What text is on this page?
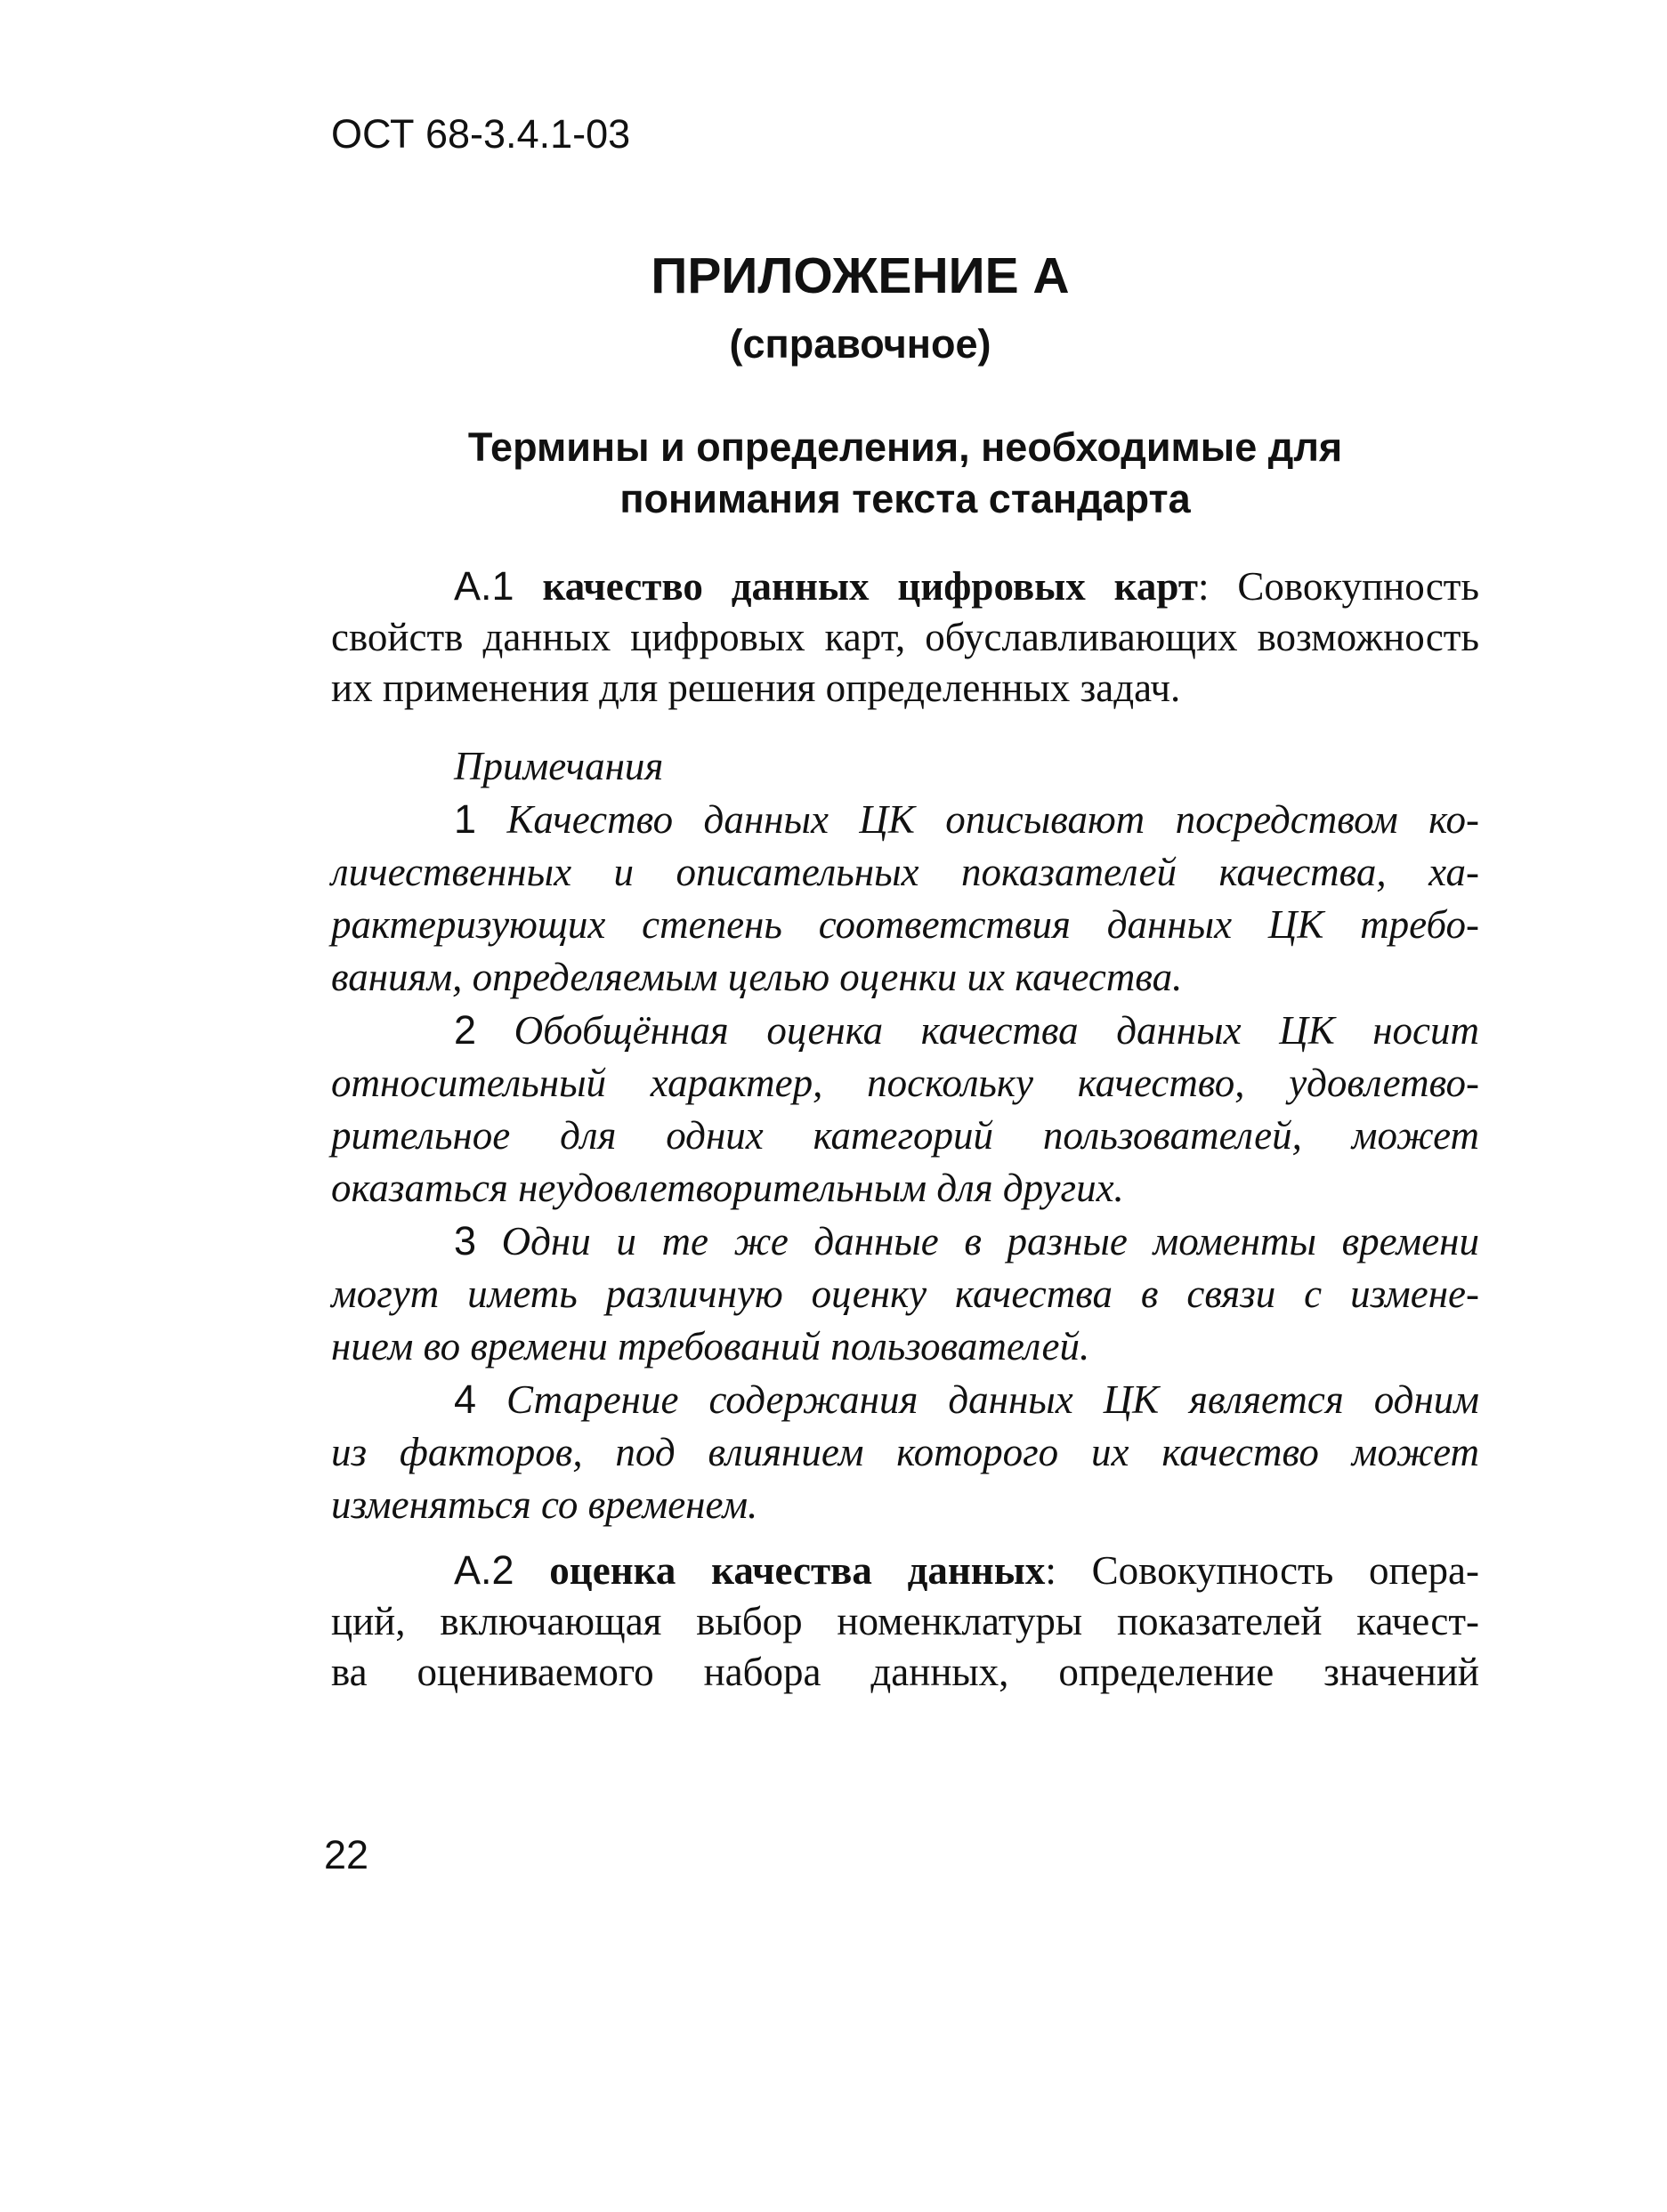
ОСТ 68-3.4.1-03
ПРИЛОЖЕНИЕ А
(справочное)
Термины и определения, необходимые для
понимания текста стандарта
А.1 качество данных цифровых карт: Совокупность
свойств данных цифровых карт, обуславливающих возможность
их применения для решения определенных задач.
Примечания
1 Качество данных ЦК описывают посредством ко-
личественных и описательных показателей качества, ха-
рактеризующих степень соответствия данных ЦК требо-
ваниям, определяемым целью оценки их качества.
2 Обобщённая оценка качества данных ЦК носит
относительный характер, поскольку качество, удовлетво-
рительное для одних категорий пользователей, может
оказаться неудовлетворительным для других.
3 Одни и те же данные в разные моменты времени
могут иметь различную оценку качества в связи с измене-
нием во времени требований пользователей.
4 Старение содержания данных ЦК является одним
из факторов, под влиянием которого их качество может
изменяться со временем.
А.2 оценка качества данных: Совокупность опера-
ций, включающая выбор номенклатуры показателей качест-
ва оцениваемого набора данных, определение значений
22
